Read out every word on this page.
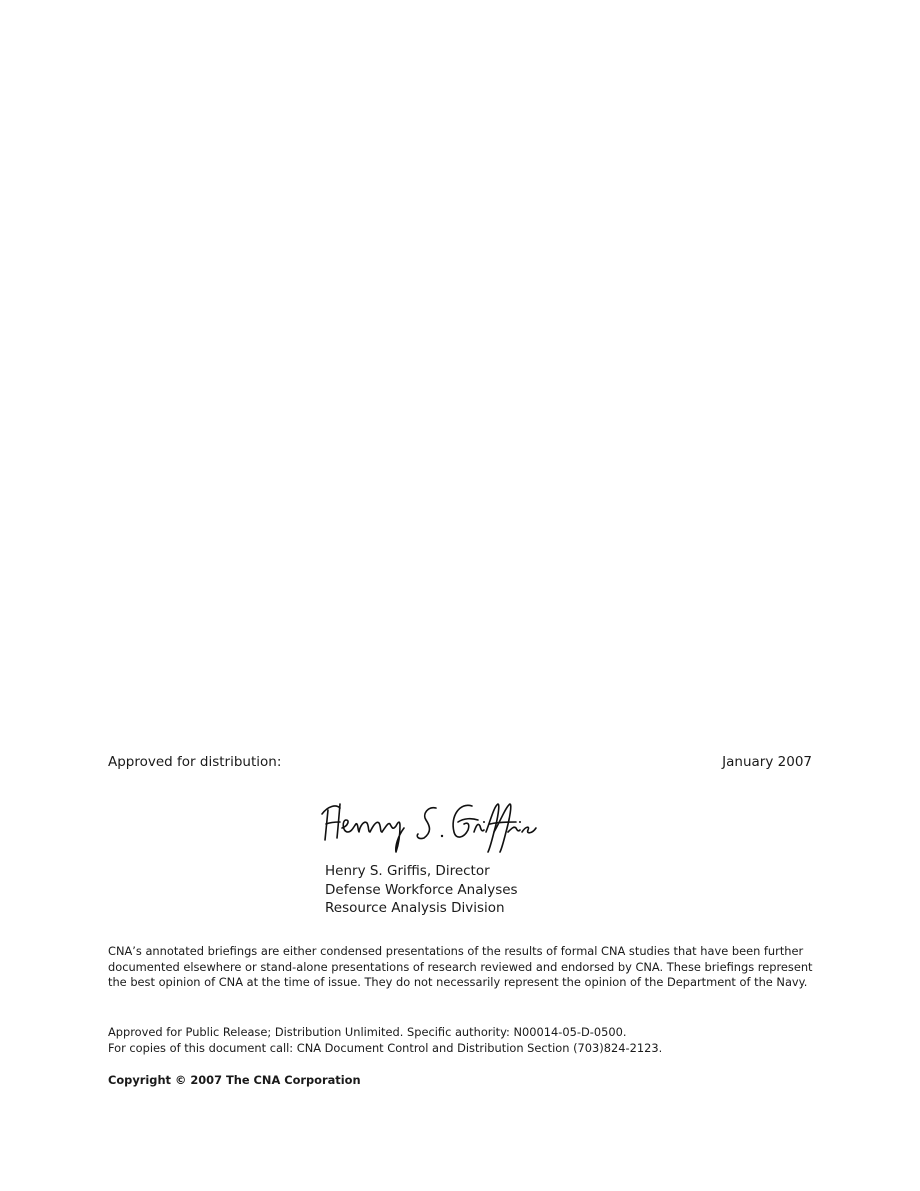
Approved for distribution:	January 2007
Henry S. Griffis, Director
Defense Workforce Analyses
Resource Analysis Division

CNA’s annotated briefings are either condensed presentations of the results of formal CNA studies that have been further documented elsewhere or stand-alone presentations of research reviewed and endorsed by CNA. These briefings represent the best opinion of CNA at the time of issue. They do not necessarily represent the opinion of the Department of the Navy.

Approved for Public Release; Distribution Unlimited. Specific authority: N00014-05-D-0500.
For copies of this document call: CNA Document Control and Distribution Section (703)824-2123.
Copyright © 2007 The CNA Corporation
